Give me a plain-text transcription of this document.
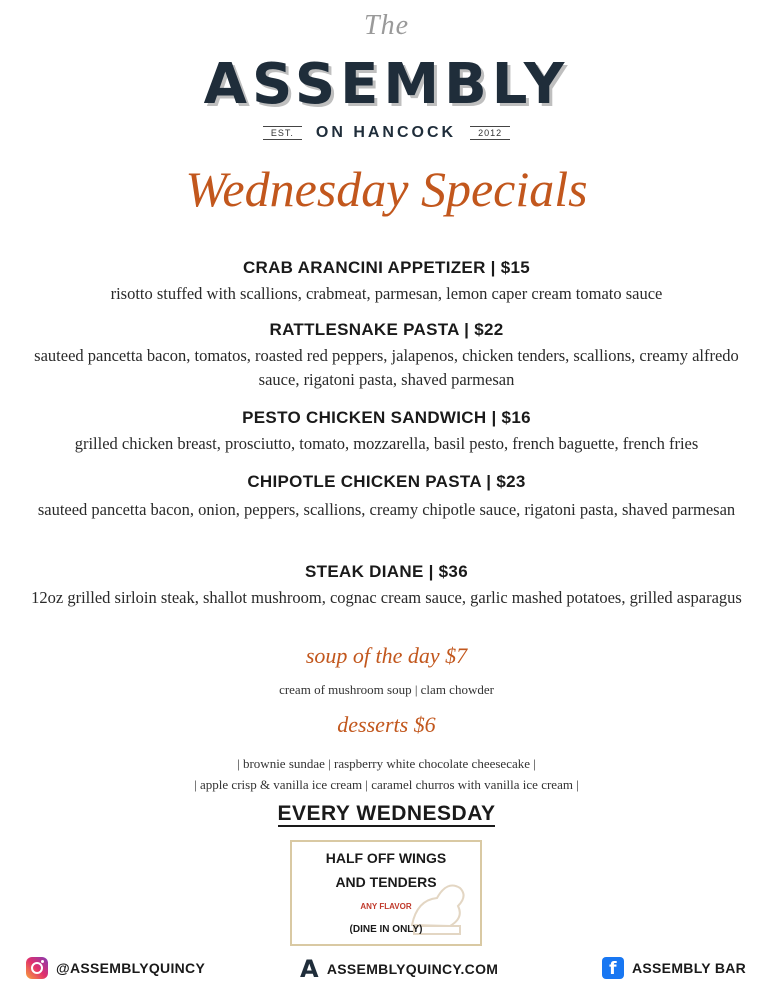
The
ASSEMBLY
EST.	ON HANCOCK	2012
Wednesday Specials
CRAB ARANCINI APPETIZER | $15
risotto stuffed with scallions, crabmeat, parmesan, lemon caper cream tomato sauce
RATTLESNAKE PASTA | $22
sauteed pancetta bacon, tomatos, roasted red peppers, jalapenos, chicken tenders, scallions, creamy alfredo sauce, rigatoni pasta, shaved parmesan
PESTO CHICKEN SANDWICH | $16
grilled chicken breast, prosciutto, tomato, mozzarella, basil pesto, french baguette, french fries
CHIPOTLE CHICKEN PASTA | $23
sauteed pancetta bacon, onion, peppers, scallions, creamy chipotle sauce, rigatoni pasta, shaved parmesan
STEAK DIANE | $36
12oz grilled sirloin steak, shallot mushroom, cognac cream sauce, garlic mashed potatoes, grilled asparagus
soup of the day $7
cream of mushroom soup | clam chowder
desserts $6
| brownie sundae | raspberry white chocolate cheesecake |
| apple crisp & vanilla ice cream | caramel churros with vanilla ice cream |
EVERY WEDNESDAY
HALF OFF WINGS
AND TENDERS
ANY FLAVOR
(DINE IN ONLY)
@ASSEMBLYQUINCY	A ASSEMBLYQUINCY.COM	f	ASSEMBLY BAR
